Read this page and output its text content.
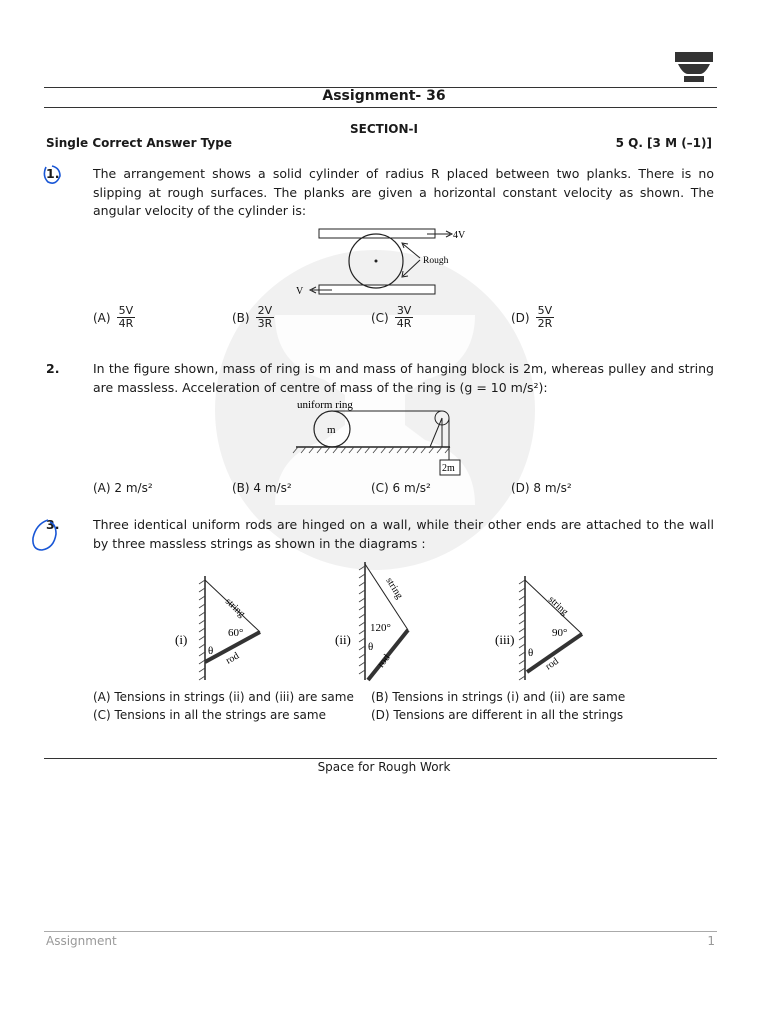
Assignment- 36
SECTION-I
Single Correct Answer Type	5 Q. [3 M (–1)]
1.	The arrangement shows a solid cylinder of radius R placed between two planks. There is no slipping at rough surfaces. The planks are given a horizontal constant velocity as shown. The angular velocity of the cylinder is:
4V
V
Rough
$(A) \frac{5V}{4R}$	$(B) \frac{2V}{3R}$	$(C) \frac{3V}{4R}$	$(D) \frac{5V}{2R}$
2.	In the figure shown, mass of ring is m and mass of hanging block is 2m, whereas pulley and string are massless. Acceleration of centre of mass of the ring is (g = 10 m/s²):
uniform ring
m
2m
(A) 2 m/s²	(B) 4 m/s²	(C) 6 m/s²	(D) 8 m/s²
3.	Three identical uniform rods are hinged on a wall, while their other ends are attached to the wall by three massless strings as shown in the diagrams :
(i)	60°
θ
string
rod
(ii)
120°
θ
string
rod
(iii)	90°
θ
string
rod
(A) Tensions in strings (ii) and (iii) are same (B) Tensions in strings (i) and (ii) are same
(C) Tensions in all the strings are same	(D) Tensions are different in all the strings
Space for Rough Work
Assignment	1
